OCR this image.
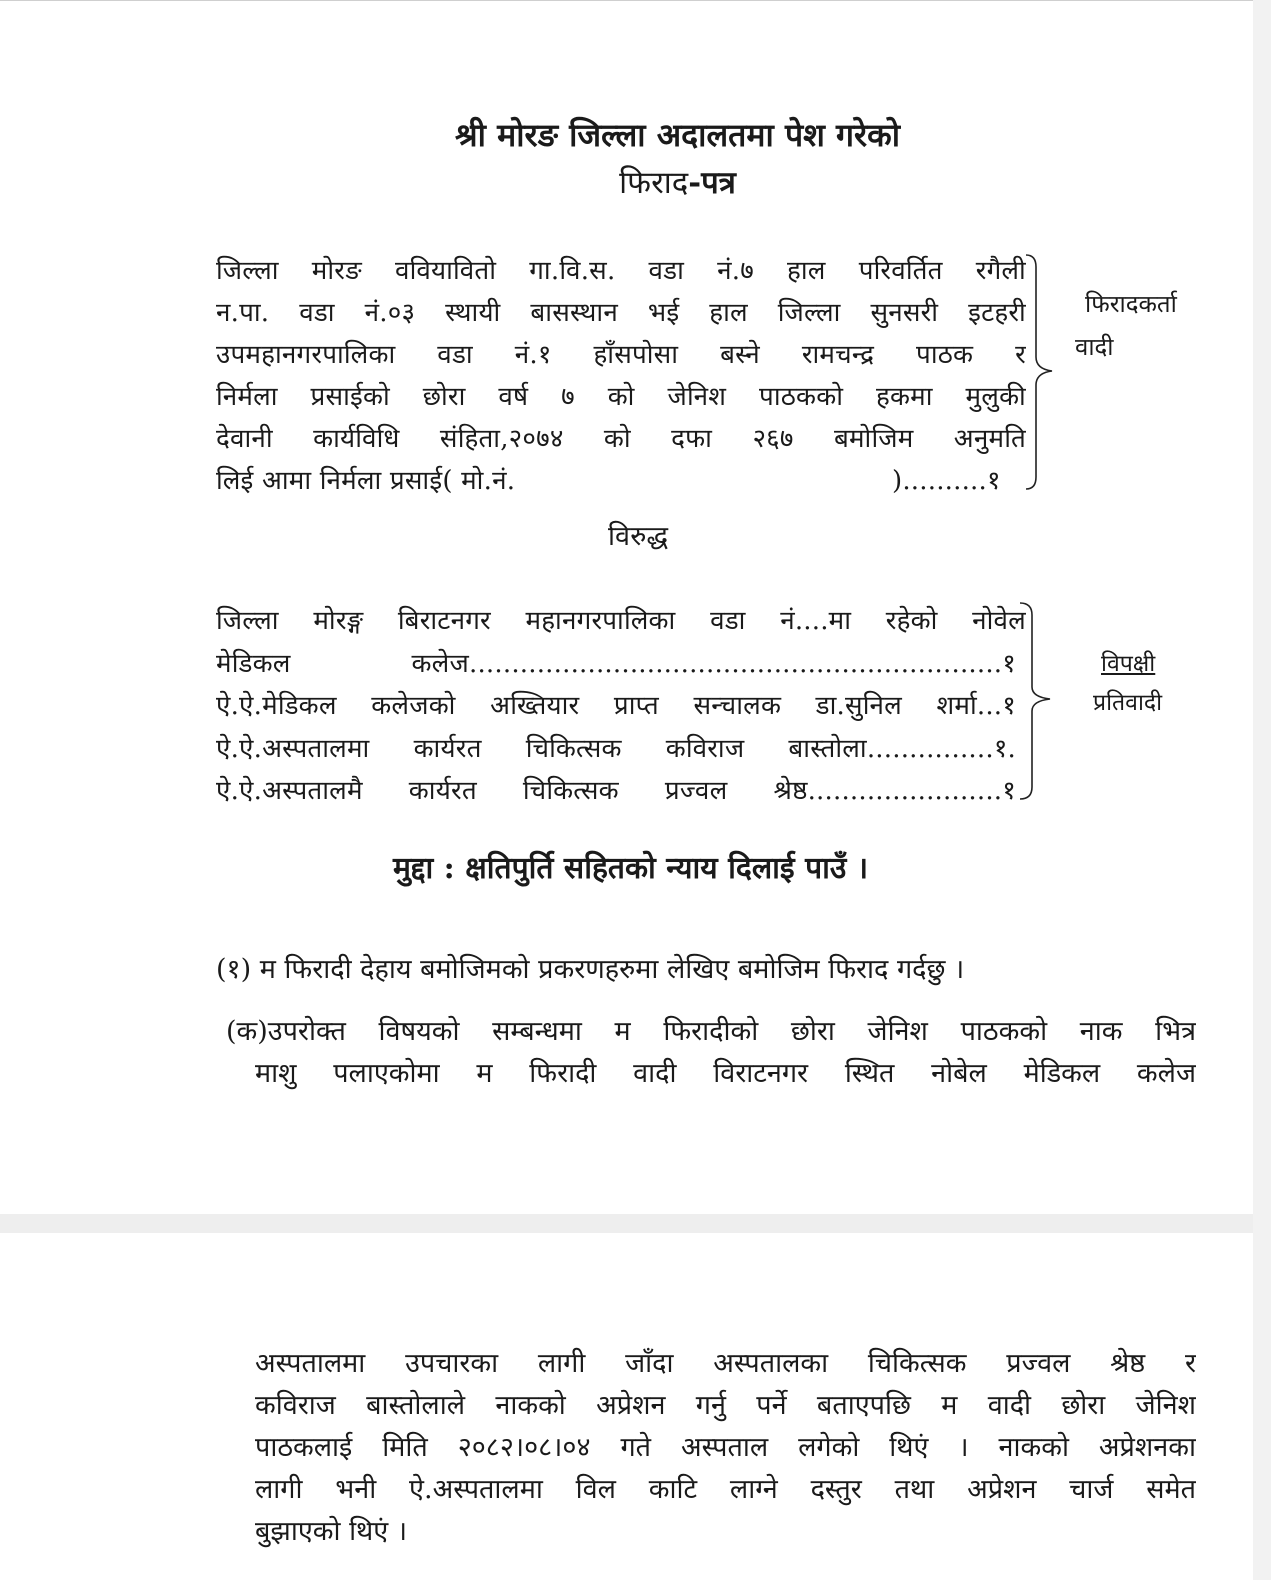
श्री मोरङ जिल्ला अदालतमा पेश गरेको
फिराद-पत्र
जिल्ला मोरङ ववियावितो गा.वि.स. वडा नं.७ हाल परिवर्तित रगैली
न.पा. वडा नं.०३ स्थायी बासस्थान भई हाल जिल्ला सुनसरी इटहरी
उपमहानगरपालिका वडा नं.१ हाँसपोसा बस्ने रामचन्द्र पाठक र
निर्मला प्रसाईको छोरा वर्ष ७ को जेनिश पाठकको हकमा मुलुकी
देवानी कार्यविधि संहिता,२०७४ को दफा २६७ बमोजिम अनुमति
लिई आमा निर्मला प्रसाई( मो.नं.	)..........१
फिरादकर्ता
वादी
विरुद्ध
जिल्ला मोरङ्ग बिराटनगर महानगरपालिका वडा नं....मा रहेको नोवेल
मेडिकल कलेज...............................................................१
ऐ.ऐ.मेडिकल कलेजको अख्तियार प्राप्त सन्चालक डा.सुनिल शर्मा...१
ऐ.ऐ.अस्पतालमा कार्यरत चिकित्सक कविराज बास्तोला...............१.
ऐ.ऐ.अस्पतालमै कार्यरत चिकित्सक प्रज्वल श्रेष्ठ.......................१
विपक्षी
प्रतिवादी
मुद्दा : क्षतिपुर्ति सहितको न्याय दिलाई पाउँ ।
(१) म फिरादी देहाय बमोजिमको प्रकरणहरुमा लेखिए बमोजिम फिराद गर्दछु ।
(क)उपरोक्त विषयको सम्बन्धमा म फिरादीको छोरा जेनिश पाठकको नाक भित्र
माशु पलाएकोमा म फिरादी वादी विराटनगर स्थित नोबेल मेडिकल कलेज
अस्पतालमा उपचारका लागी जाँदा अस्पतालका चिकित्सक प्रज्वल श्रेष्ठ र
कविराज बास्तोलाले नाकको अप्रेशन गर्नु पर्ने बताएपछि म वादी छोरा जेनिश
पाठकलाई मिति २०८२।०८।०४ गते अस्पताल लगेको थिएं । नाकको अप्रेशनका
लागी भनी ऐ.अस्पतालमा विल काटि लाग्ने दस्तुर तथा अप्रेशन चार्ज समेत
बुझाएको थिएं ।
